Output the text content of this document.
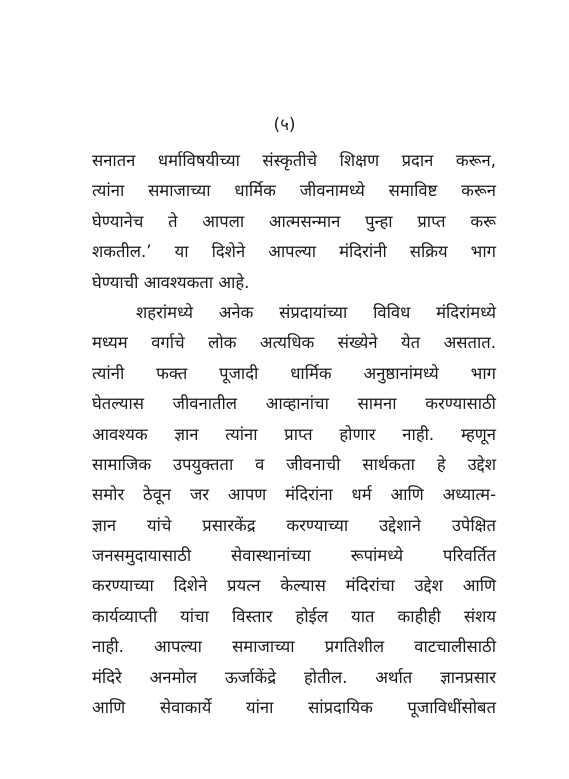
(५)
सनातन धर्माविषयीच्या संस्कृतीचे शिक्षण प्रदान करून,
त्यांना समाजाच्या धार्मिक जीवनामध्ये समाविष्ट करून
घेण्यानेच ते आपला आत्मसन्मान पुन्हा प्राप्त करू
शकतील.’ या दिशेने आपल्या मंदिरांनी सक्रिय भाग
घेण्याची आवश्यकता आहे.
शहरांमध्ये अनेक संप्रदायांच्या विविध मंदिरांमध्ये
मध्यम वर्गाचे लोक अत्यधिक संख्येने येत असतात.
त्यांनी फक्त पूजादी धार्मिक अनुष्ठानांमध्ये भाग
घेतल्यास जीवनातील आव्हानांचा सामना करण्यासाठी
आवश्यक ज्ञान त्यांना प्राप्त होणार नाही. म्हणून
सामाजिक उपयुक्तता व जीवनाची सार्थकता हे उद्देश
समोर ठेवून जर आपण मंदिरांना धर्म आणि अध्यात्म-
ज्ञान यांचे प्रसारकेंद्र करण्याच्या उद्देशाने उपेक्षित
जनसमुदायासाठी सेवास्थानांच्या रूपांमध्ये परिवर्तित
करण्याच्या दिशेने प्रयत्न केल्यास मंदिरांचा उद्देश आणि
कार्यव्याप्ती यांचा विस्तार होईल यात काहीही संशय
नाही. आपल्या समाजाच्या प्रगतिशील वाटचालीसाठी
मंदिरे अनमोल ऊर्जाकेंद्रे होतील. अर्थात ज्ञानप्रसार
आणि सेवाकार्ये यांना सांप्रदायिक पूजाविधींसोबत
